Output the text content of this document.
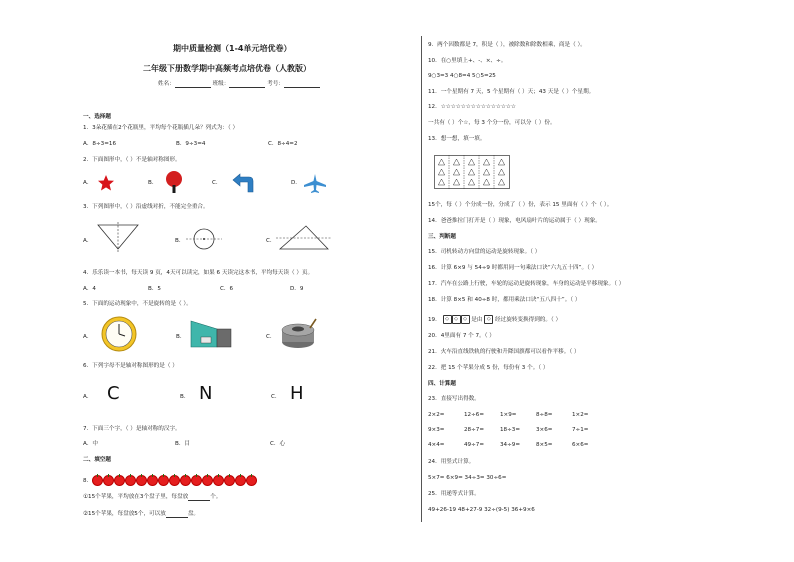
期中质量检测（1-4单元培优卷）
二年级下册数学期中高频考点培优卷（人教版）
姓名：	班级：	考号：
一、选择题
1．3朵花插在2个花瓶里，平均每个花瓶插几朵？列式为：（ ）
A．8÷3=16	B．9÷3=4	C．8÷4=2
2．下面图形中，（ ）不是轴对称图形。
A．	B．	C．	D．
3．下列图形中，（ ）沿虚线对折，不能完全重合。
A．	B．	C．
4．乐乐读一本书，每天读 9 页，4天可以读完，如果 6 天读完这本书，平均每天读（ ）页。
A．4	B．5	C．6	D．9
5．下面的运动现象中，不是旋转的是（ ）。
A．	B．	C．
6．下列字母不是轴对称图形的是（ ）
A． C	B． N	C． H
7．下面三个字，（ ）是轴对称的汉字。
A．中	B．目	C．心
二、填空题
8．
①15个苹果，平均放在3个盘子里，每盘放	个。
②15个苹果，每盘放5个，可以放	盘。
9．两个因数都是 7，积是（ ），被除数和除数相乘，商是（ ）。
10．在○里填上+、-、×、÷。
9○3=3 4○8=4 5○5=25
11．一个星期有 7 天，5 个星期有（ ）天；43 天是（ ）个星期。
12．☆☆☆☆☆☆☆☆☆☆☆☆☆☆☆
一共有（ ）个☆，每 3 个分一份，可以分（ ）份。
13．想一想，填一填。
15个，每（ ）个分成一份，分成了（ ）份，表示 15 里面有（ ）个（ ）。
14．爸爸推拉门打开是（ ）现象，电风扇叶片的运动属于（ ）现象。
三、判断题
15．司机转动方向盘的运动是旋转现象。（ ）
16．计算 6×9 与 54÷9 时都用同一句乘法口诀“六九五十四”。（ ）
17．汽车在公路上行驶，车轮的运动是旋转现象，车身的运动是平移现象。（ ）
18．计算 8×5 和 40÷8 时，都用乘法口诀“五八四十”。（ ）
19． ◇ ◇ ◇ 是由 ◇ 经过旋转变换得到的。（ ）
20．4里面有 7 个 7。（ ）
21．火车沿直线铁轨的行驶和升降国旗都可以看作平移。（ ）
22．把 15 个苹果分成 5 份，每份有 3 个。（ ）
四、计算题
23．直接写出得数。
2×2=	12÷6=	1×9=	8÷8=	1×2=
9×3=	28÷7=	18÷3=	3×6=	7÷1=
4×4=	49÷7=	34÷9=	8×5=	6×6=
24．用竖式计算。
5×7= 6×9= 34÷3= 30÷6=
25．用递等式计算。
49+26-19 48+27-9 32÷(9-5) 36+9×6
